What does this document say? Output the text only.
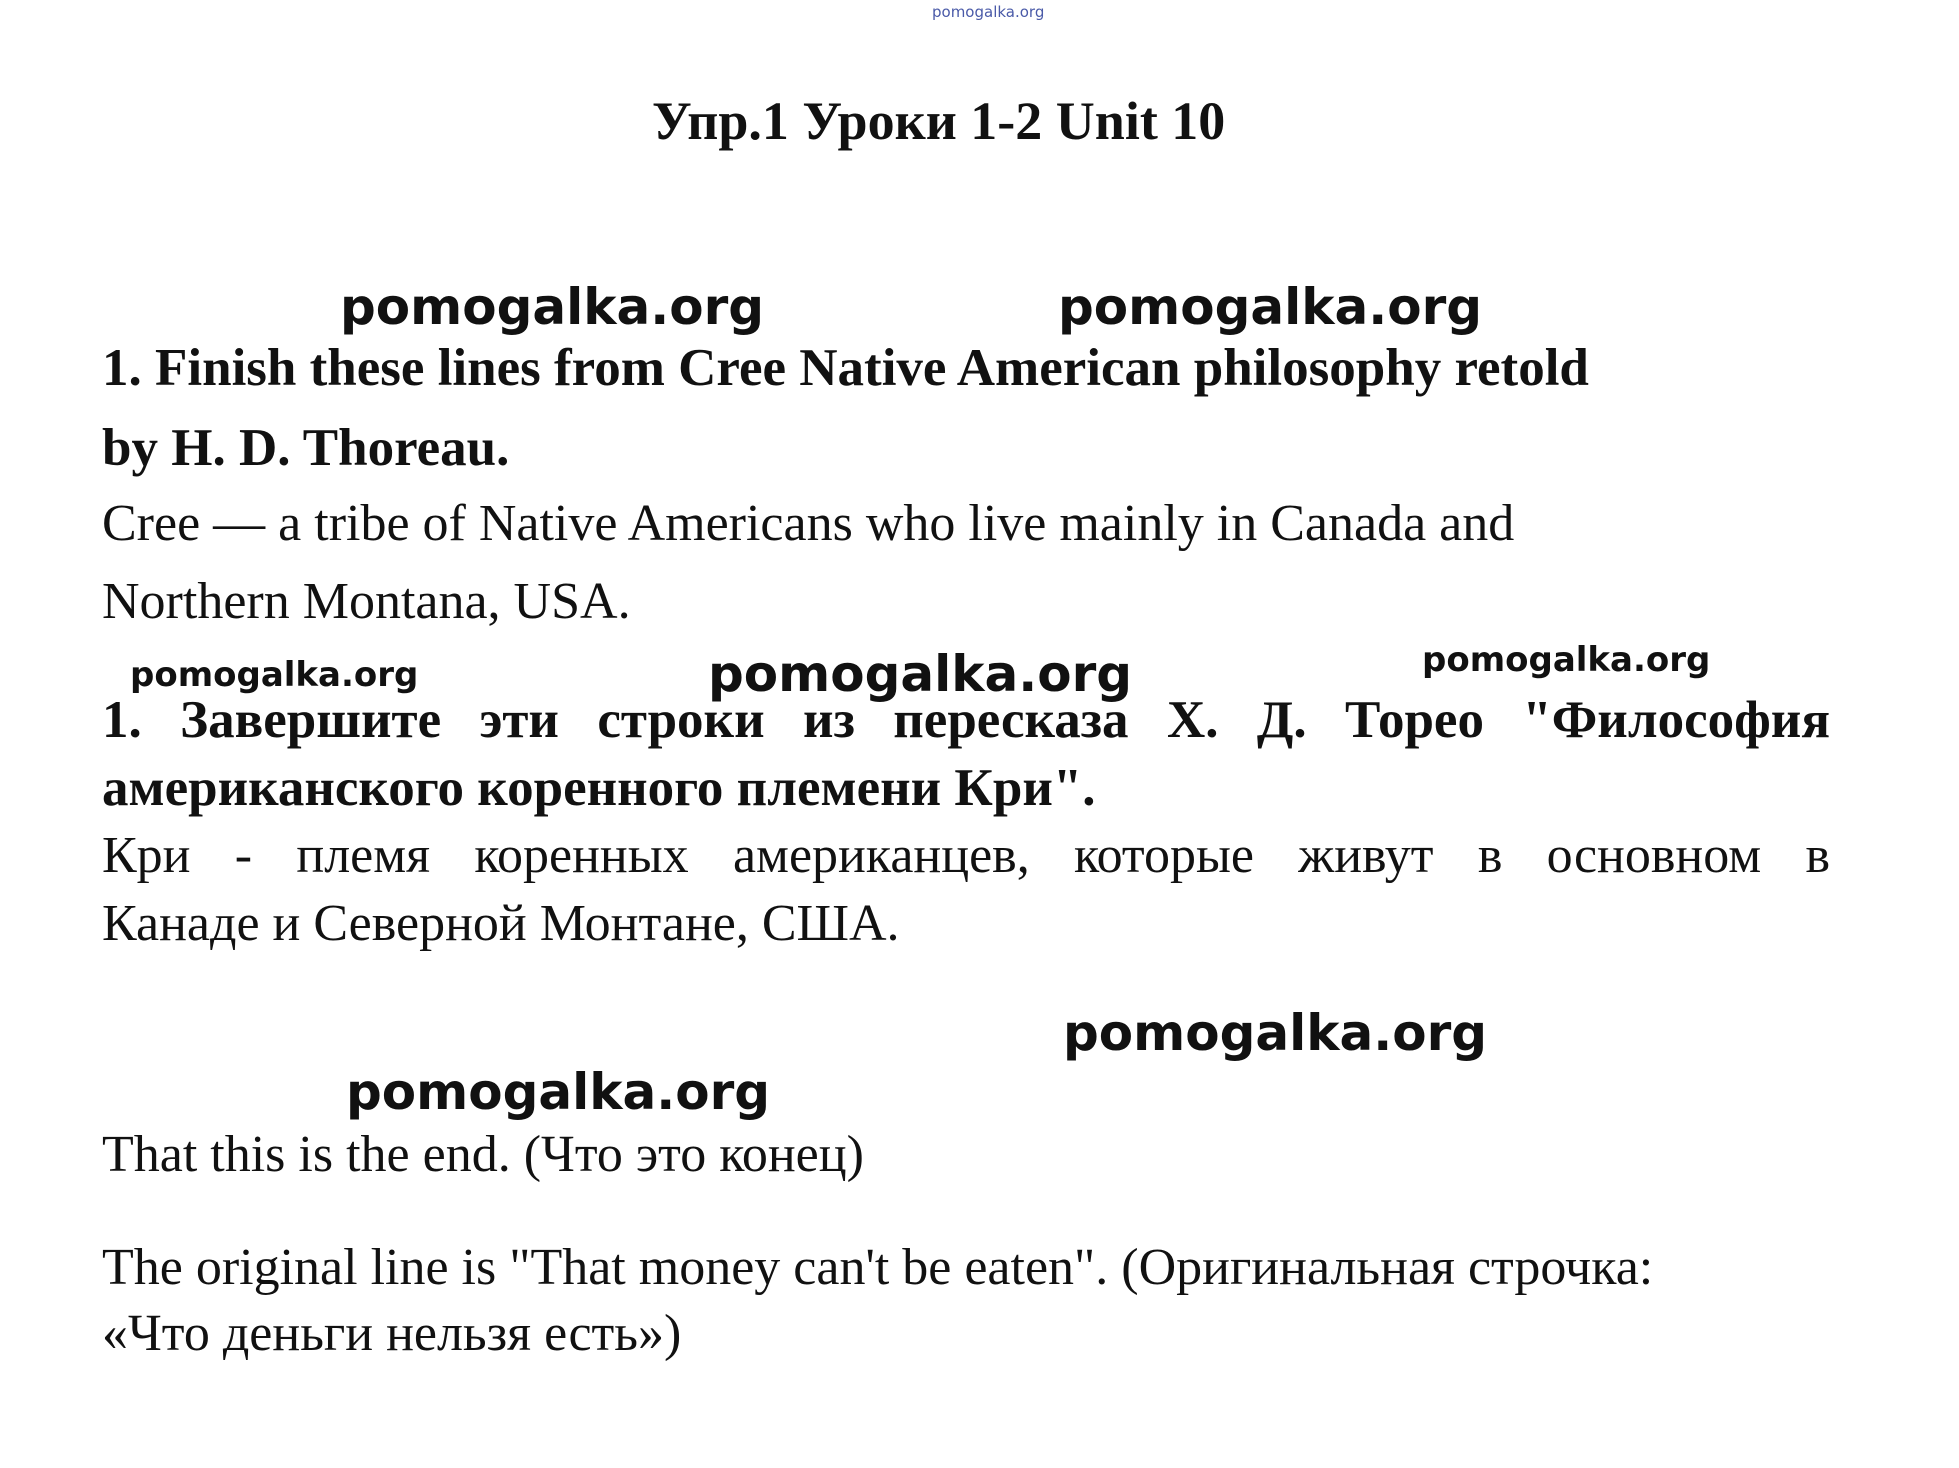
pomogalka.org
Упр.1 Уроки 1-2 Unit 10
pomogalka.org	pomogalka.org
1. Finish these lines from Cree Native American philosophy retold
by H. D. Thoreau.
Cree — a tribe of Native Americans who live mainly in Canada and
Northern Montana, USA.
pomogalka.org	pomogalka.org	pomogalka.org
1. Завершите эти строки из пересказа Х. Д. Тореo "Философия
американского коренного племени Кри".
Кри - племя коренных американцев, которые живут в основном в
Канаде и Северной Монтане, США.
pomogalka.org
pomogalka.org
That this is the end. (Что это конец)
The original line is "That money can't be eaten". (Оригинальная строчка:
«Что деньги нельзя есть»)
